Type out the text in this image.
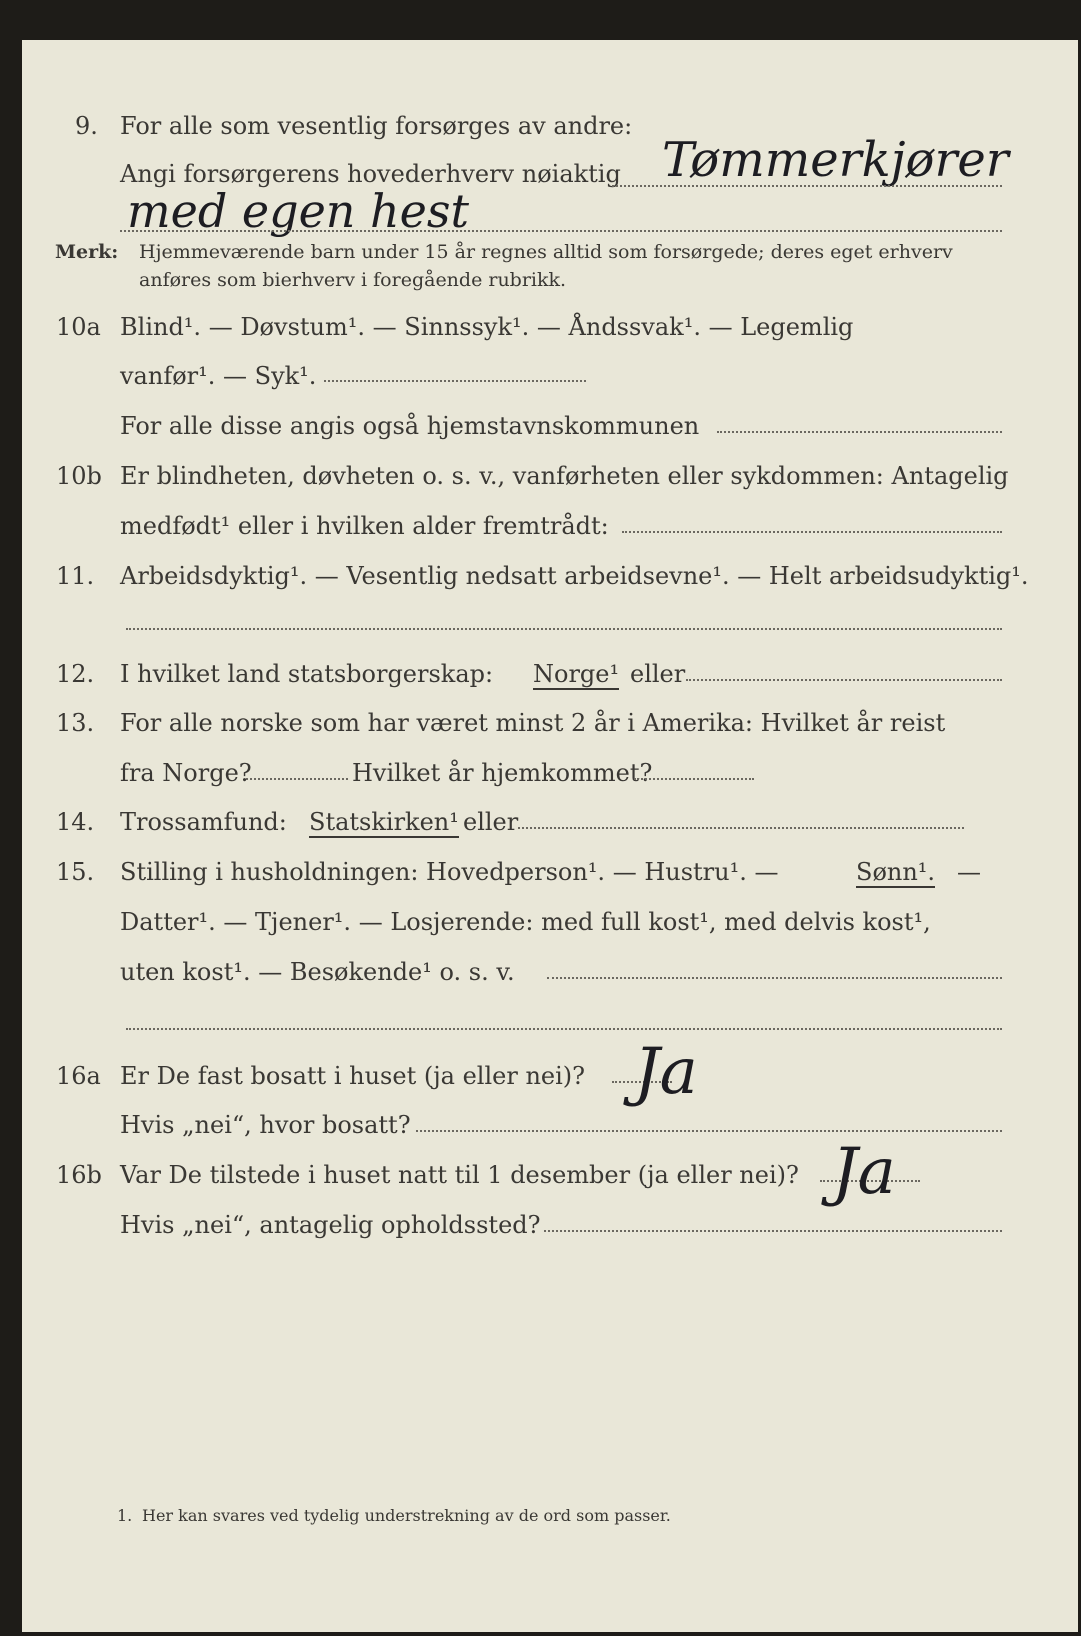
9. For alle som vesentlig forsørges av andre:
Angi forsørgerens hovederhverv nøiaktig Tømmerkjører
med egen hest
Merk: Hjemmeværende barn under 15 år regnes alltid som forsørgede; deres eget erhverv
anføres som bierhverv i foregående rubrikk.
10a Blind¹. — Døvstum¹. — Sinnssyk¹. — Åndssvak¹. — Legemlig
vanfør¹. — Syk¹.
For alle disse angis også hjemstavnskommunen
10b Er blindheten, døvheten o. s. v., vanførheten eller sykdommen: Antagelig
medfødt¹ eller i hvilken alder fremtrådt:
11. Arbeidsdyktig¹. — Vesentlig nedsatt arbeidsevne¹. — Helt arbeidsudyktig¹.
12. I hvilket land statsborgerskap: Norge¹ eller
13. For alle norske som har været minst 2 år i Amerika: Hvilket år reist
fra Norge?	Hvilket år hjemkommet?
14. Trossamfund: Statskirken¹ eller
15. Stilling i husholdningen: Hovedperson¹. — Hustru¹. —	Sønn¹. —
Datter¹. — Tjener¹. — Losjerende: med full kost¹, med delvis kost¹,
uten kost¹. — Besøkende¹ o. s. v.
16a Er De fast bosatt i huset (ja eller nei)? Ja
Hvis „nei“, hvor bosatt?
16b Var De tilstede i huset natt til 1 desember (ja eller nei)? Ja
Hvis „nei“, antagelig opholdssted?
1. Her kan svares ved tydelig understrekning av de ord som passer.
